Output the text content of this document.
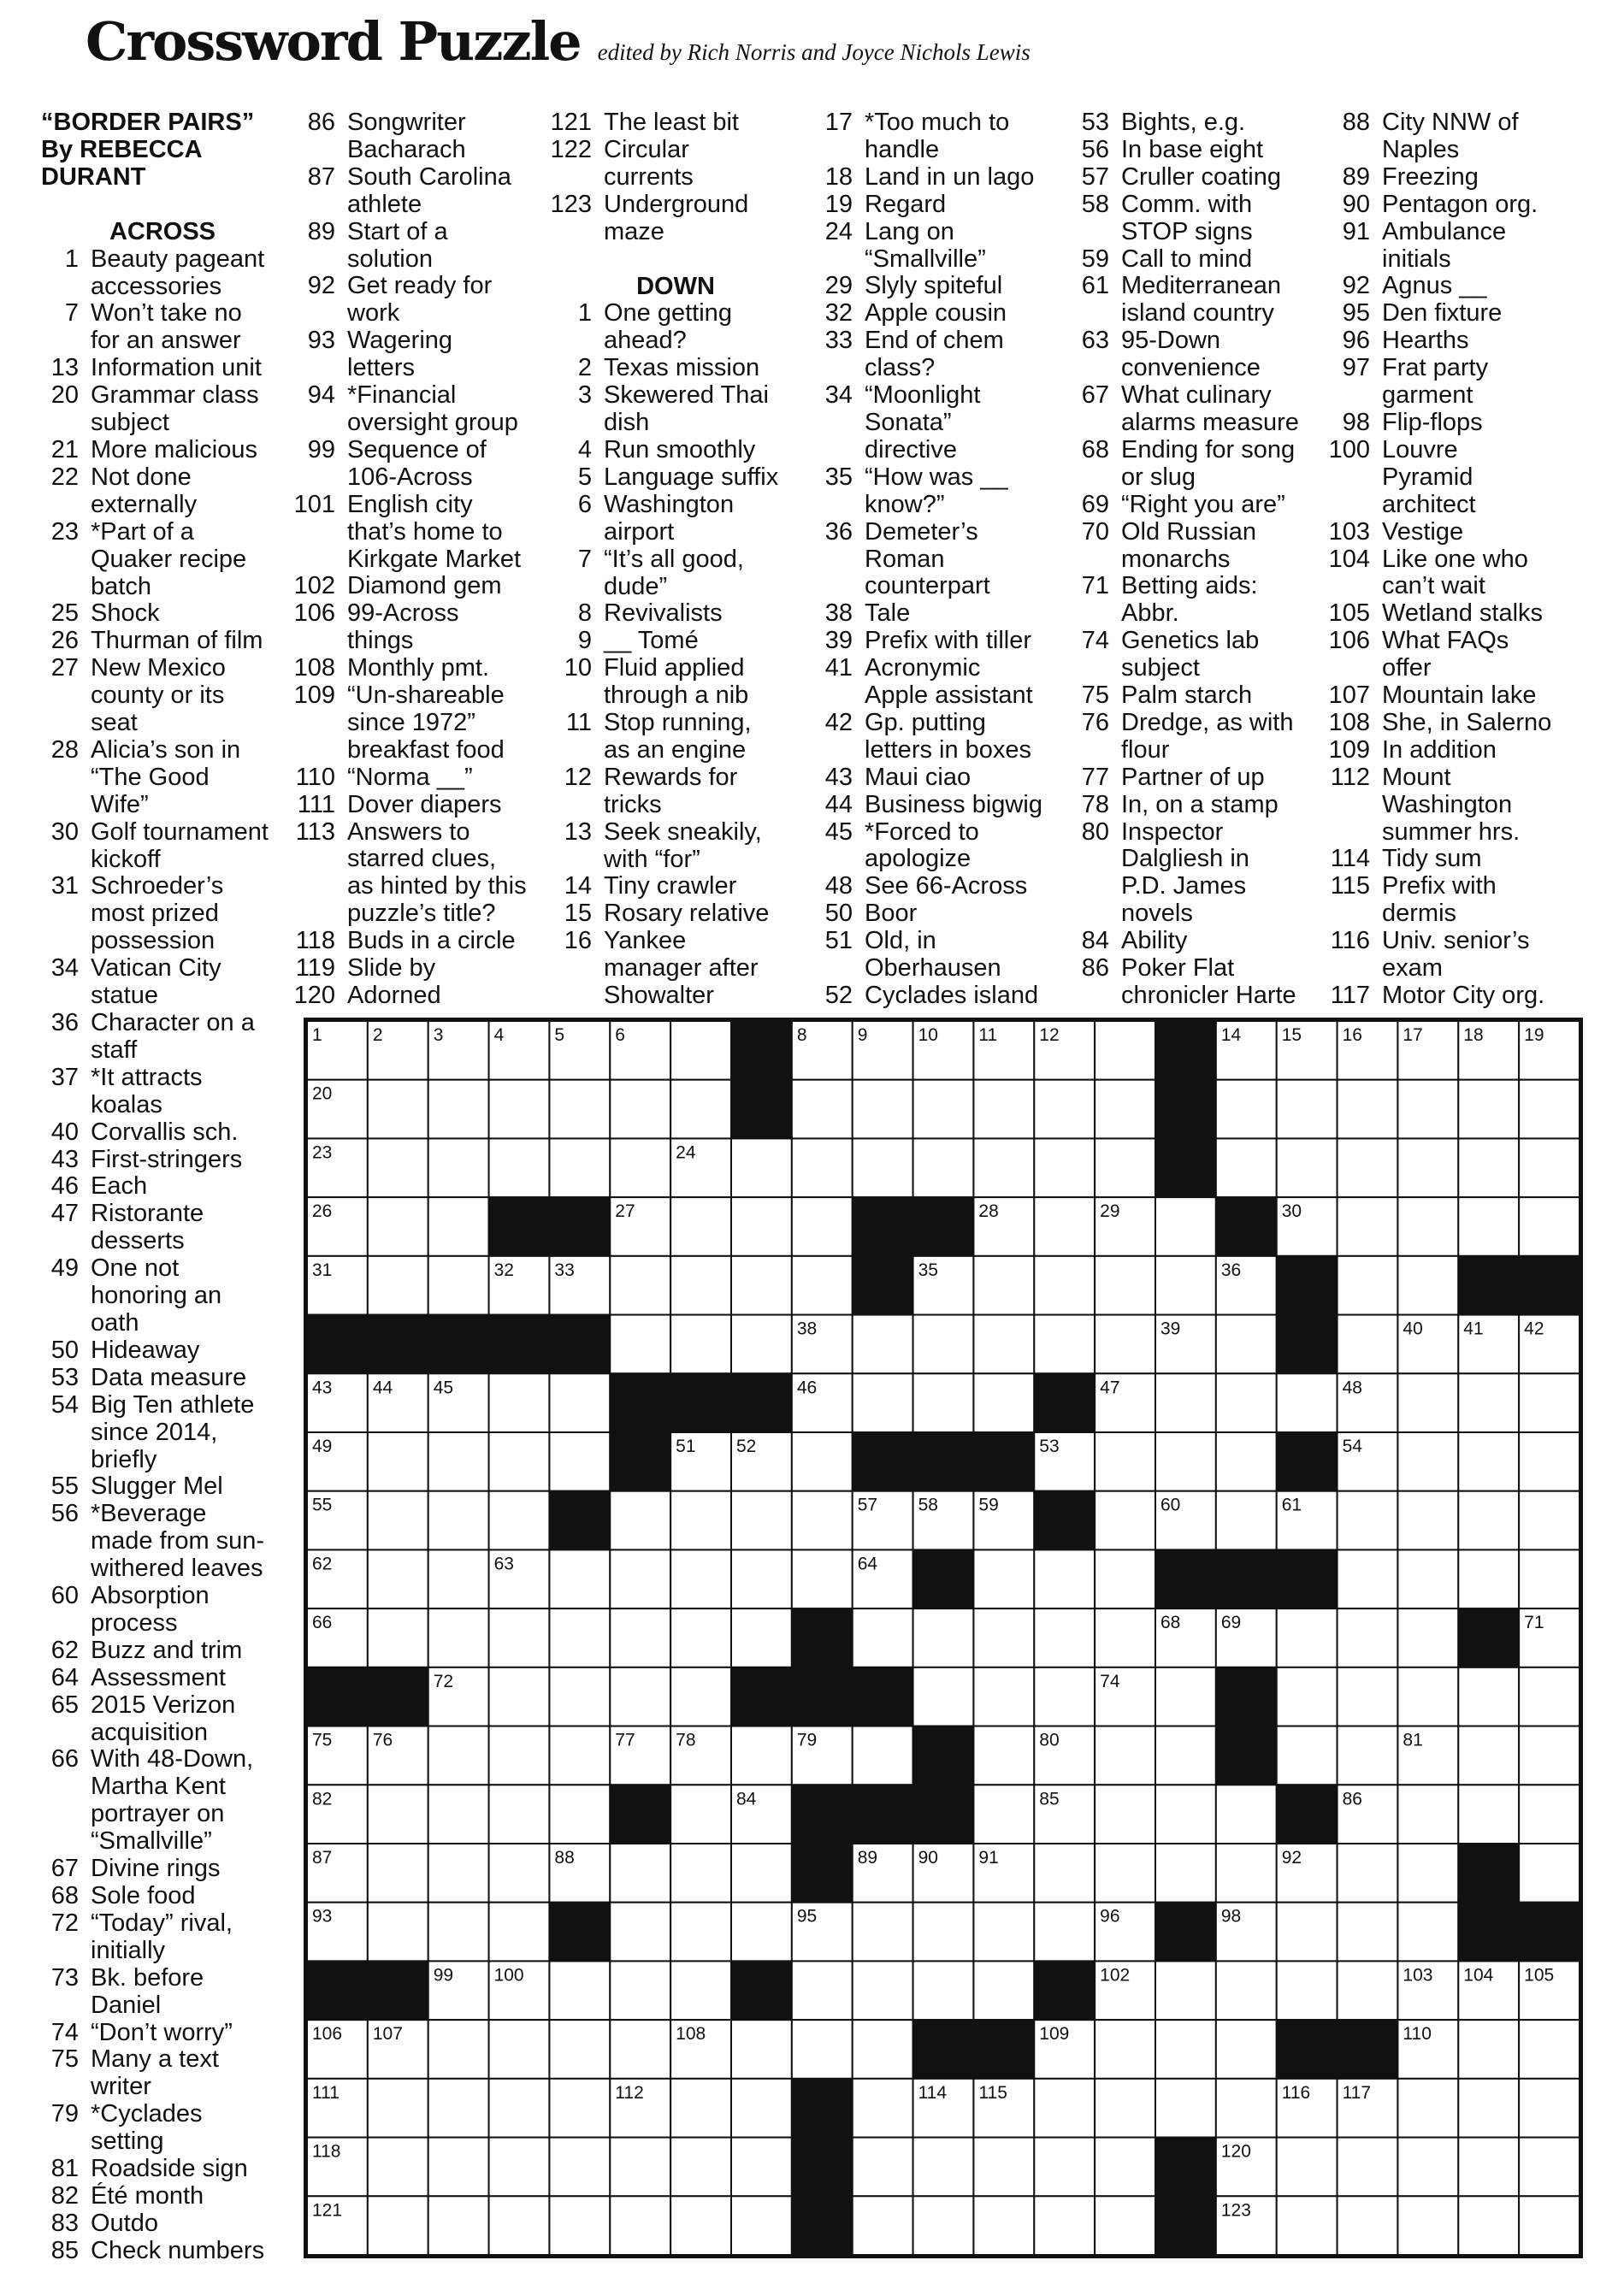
Crossword Puzzle edited by Rich Norris and Joyce Nichols Lewis
“BORDER PAIRS”
By REBECCA
DURANT
ACROSS
1 Beauty pageant
accessories
7 Won’t take no
for an answer
13 Information unit
20 Grammar class
subject
21 More malicious
22 Not done
externally
23 *Part of a
Quaker recipe
batch
25 Shock
26 Thurman of film
27 New Mexico
county or its
seat
28 Alicia’s son in
“The Good
Wife”
30 Golf tournament
kickoff
31 Schroeder’s
most prized
possession
34 Vatican City
statue
36 Character on a
staff
37 *It attracts
koalas
40 Corvallis sch.
43 First-stringers
46 Each
47 Ristorante
desserts
49 One not
honoring an
oath
50 Hideaway
53 Data measure
54 Big Ten athlete
since 2014,
briefly
55 Slugger Mel
56 *Beverage
made from sun-
withered leaves
60 Absorption
process
62 Buzz and trim
64 Assessment
65 2015 Verizon
acquisition
66 With 48-Down,
Martha Kent
portrayer on
“Smallville”
67 Divine rings
68 Sole food
72 “Today” rival,
initially
73 Bk. before
Daniel
74 “Don’t worry”
75 Many a text
writer
79 *Cyclades
setting
81 Roadside sign
82 Été month
83 Outdo
85 Check numbers
86 Songwriter
Bacharach
87 South Carolina
athlete
89 Start of a
solution
92 Get ready for
work
93 Wagering
letters
94 *Financial
oversight group
99 Sequence of
106-Across
101 English city
that’s home to
Kirkgate Market
102 Diamond gem
106 99-Across
things
108 Monthly pmt.
109 “Un-shareable
since 1972”
breakfast food
110 “Norma __”
111 Dover diapers
113 Answers to
starred clues,
as hinted by this
puzzle’s title?
118 Buds in a circle
119 Slide by
120 Adorned
121 The least bit
122 Circular
currents
123 Underground
maze
DOWN
1 One getting
ahead?
2 Texas mission
3 Skewered Thai
dish
4 Run smoothly
5 Language suffix
6 Washington
airport
7 “It’s all good,
dude”
8 Revivalists
9 __ Tomé
10 Fluid applied
through a nib
11 Stop running,
as an engine
12 Rewards for
tricks
13 Seek sneakily,
with “for”
14 Tiny crawler
15 Rosary relative
16 Yankee
manager after
Showalter
17 *Too much to
handle
18 Land in un lago
19 Regard
24 Lang on
“Smallville”
29 Slyly spiteful
32 Apple cousin
33 End of chem
class?
34 “Moonlight
Sonata”
directive
35 “How was __
know?”
36 Demeter’s
Roman
counterpart
38 Tale
39 Prefix with tiller
41 Acronymic
Apple assistant
42 Gp. putting
letters in boxes
43 Maui ciao
44 Business bigwig
45 *Forced to
apologize
48 See 66-Across
50 Boor
51 Old, in
Oberhausen
52 Cyclades island
53 Bights, e.g.
56 In base eight
57 Cruller coating
58 Comm. with
STOP signs
59 Call to mind
61 Mediterranean
island country
63 95-Down
convenience
67 What culinary
alarms measure
68 Ending for song
or slug
69 “Right you are”
70 Old Russian
monarchs
71 Betting aids:
Abbr.
74 Genetics lab
subject
75 Palm starch
76 Dredge, as with
flour
77 Partner of up
78 In, on a stamp
80 Inspector
Dalgliesh in
P.D. James
novels
84 Ability
86 Poker Flat
chronicler Harte
88 City NNW of
Naples
89 Freezing
90 Pentagon org.
91 Ambulance
initials
92 Agnus __
95 Den fixture
96 Hearths
97 Frat party
garment
98 Flip-flops
100 Louvre
Pyramid
architect
103 Vestige
104 Like one who
can’t wait
105 Wetland stalks
106 What FAQs
offer
107 Mountain lake
108 She, in Salerno
109 In addition
112 Mount
Washington
summer hrs.
114 Tidy sum
115 Prefix with
dermis
116 Univ. senior’s
exam
117 Motor City org.
1	2	3	4	5	6	7	8	9	10 11 12	13 14 15 16 17 18 19
20	21	22
23	24	25
26	27	28	29	30
31	32 33	34 35	36
37	38	39	40 41 42
43 44 45	46	47	48
49	50 51 52	53	54
55	56	57 58 59	60	61
62	63	64	65
66	67	68 69	70 71
72	73	74
75 76	77 78	79	80	81
82	83	84	85	86
87	88	89 90 91	92
93	94	95	96 97 98
99 100	101	102	103 104 105
106 107	108	109	110
111	112	113	114 115	116 117
118	119	120
121	122	123
